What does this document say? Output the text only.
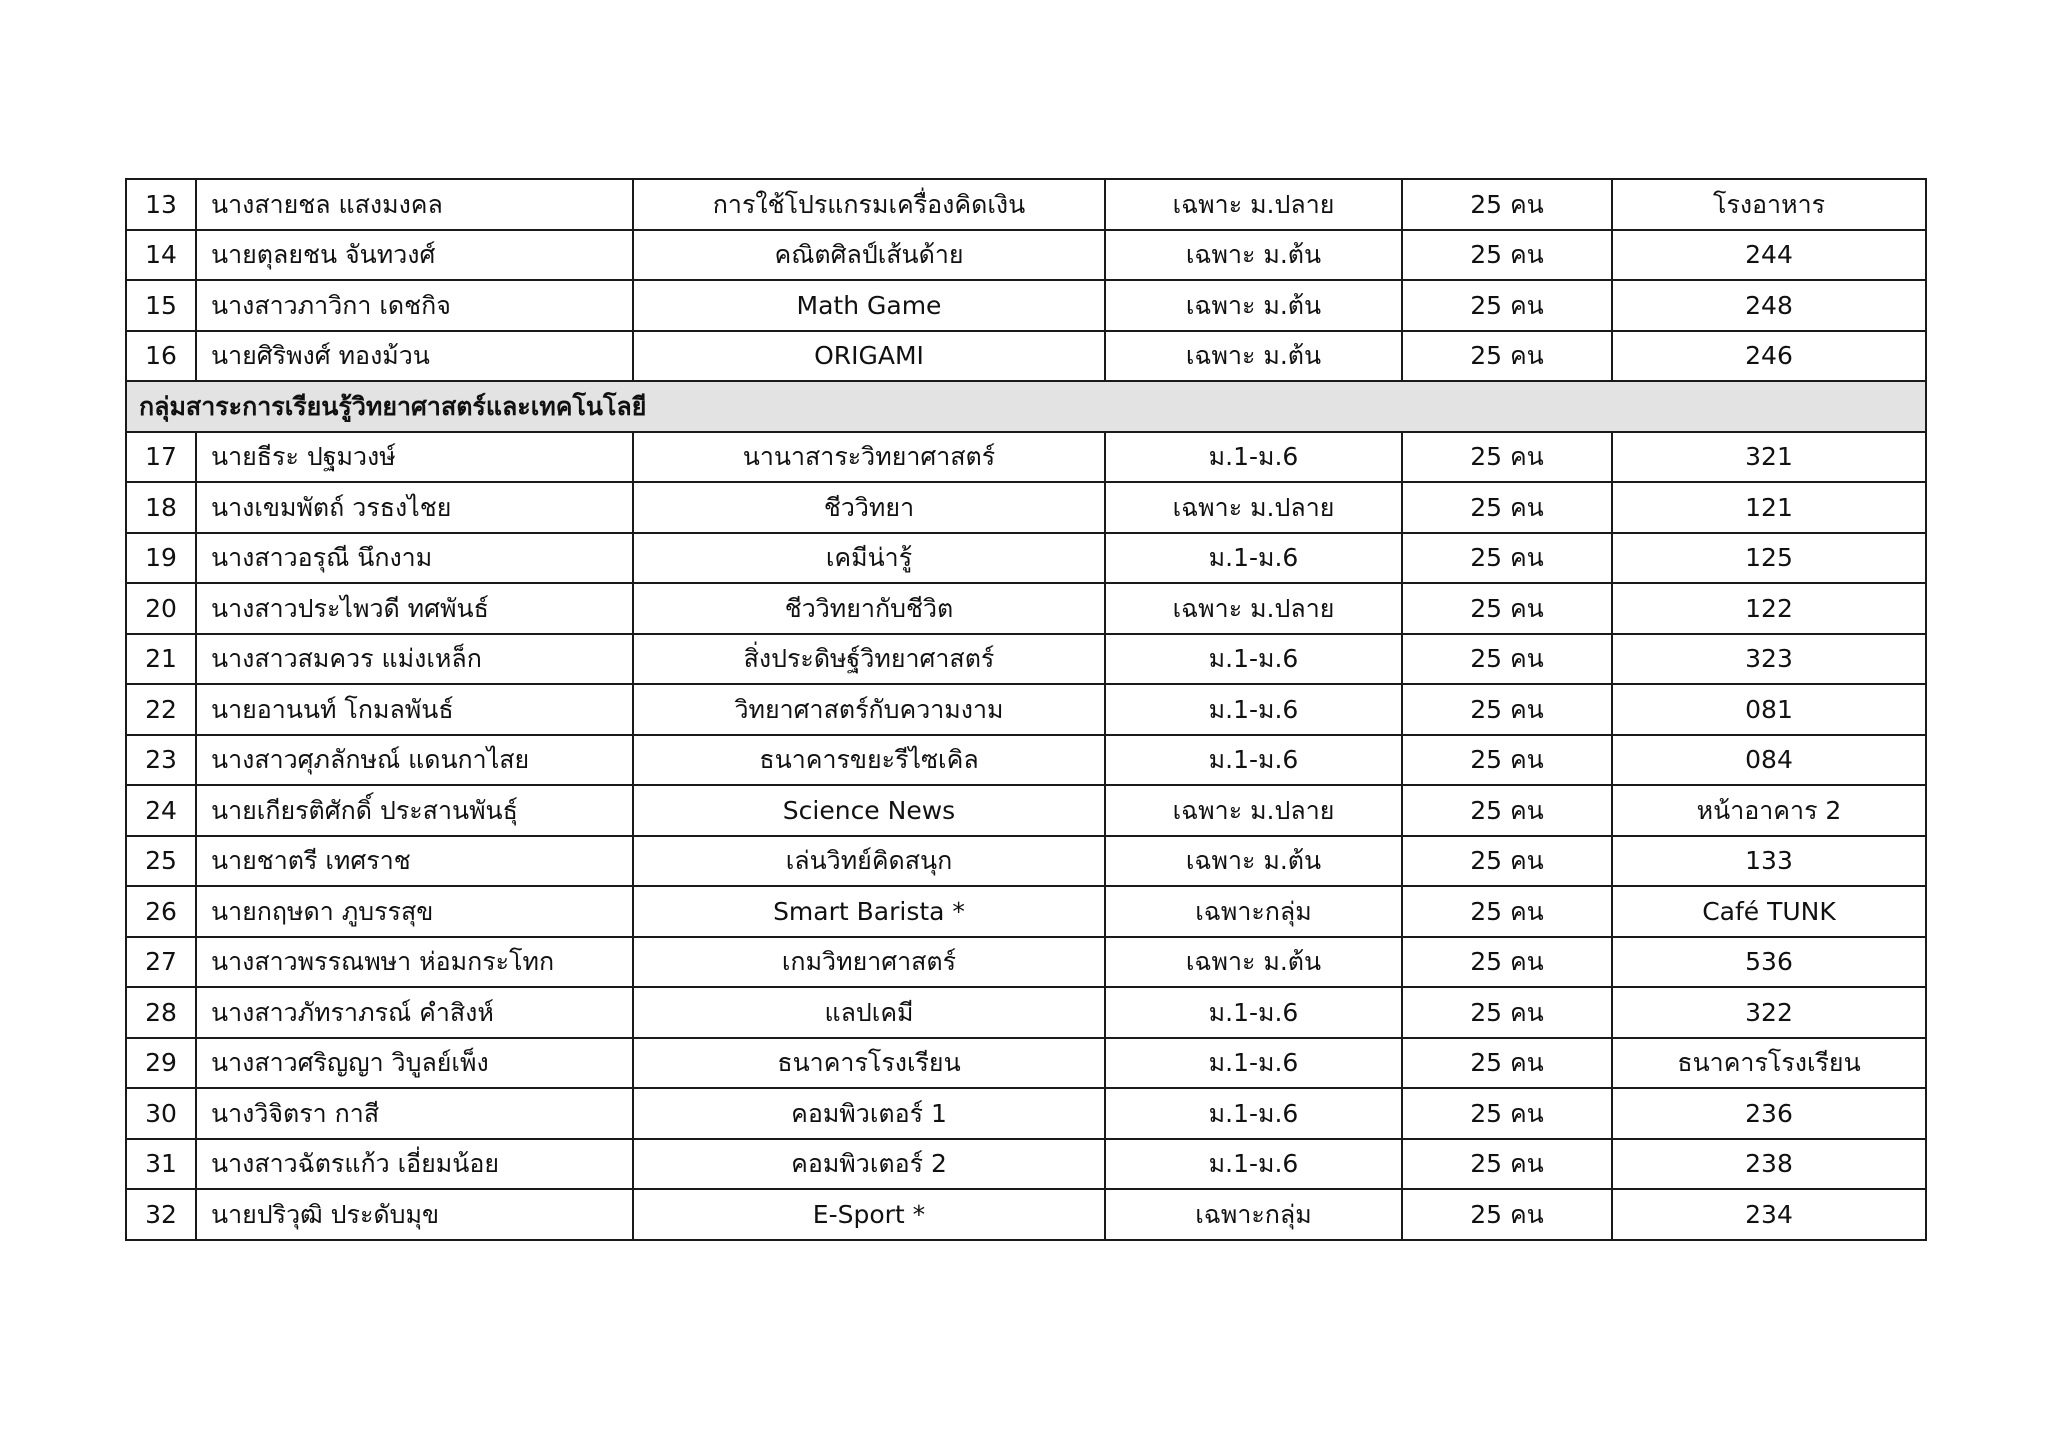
13	นางสายชล แสงมงคล	การใช้โปรแกรมเครื่องคิดเงิน	เฉพาะ ม.ปลาย	25 คน	โรงอาหาร
14	นายตุลยชน จันทวงศ์	คณิตศิลป์เส้นด้าย	เฉพาะ ม.ต้น	25 คน	244
15	นางสาวภาวิกา เดชกิจ	Math Game	เฉพาะ ม.ต้น	25 คน	248
16	นายศิริพงศ์ ทองม้วน	ORIGAMI	เฉพาะ ม.ต้น	25 คน	246
กลุ่มสาระการเรียนรู้วิทยาศาสตร์และเทคโนโลยี					
17	นายธีระ ปฐมวงษ์	นานาสาระวิทยาศาสตร์	ม.1-ม.6	25 คน	321
18	นางเขมพัตถ์ วรธงไชย	ชีววิทยา	เฉพาะ ม.ปลาย	25 คน	121
19	นางสาวอรุณี นึกงาม	เคมีน่ารู้	ม.1-ม.6	25 คน	125
20	นางสาวประไพวดี ทศพันธ์	ชีววิทยากับชีวิต	เฉพาะ ม.ปลาย	25 คน	122
21	นางสาวสมควร แม่งเหล็ก	สิ่งประดิษฐ์วิทยาศาสตร์	ม.1-ม.6	25 คน	323
22	นายอานนท์ โกมลพันธ์	วิทยาศาสตร์กับความงาม	ม.1-ม.6	25 คน	081
23	นางสาวศุภลักษณ์ แดนกาไสย	ธนาคารขยะรีไซเคิล	ม.1-ม.6	25 คน	084
24	นายเกียรติศักดิ์ ประสานพันธุ์	Science News	เฉพาะ ม.ปลาย	25 คน	หน้าอาคาร 2
25	นายชาตรี เทศราช	เล่นวิทย์คิดสนุก	เฉพาะ ม.ต้น	25 คน	133
26	นายกฤษดา ภูบรรสุข	Smart Barista *	เฉพาะกลุ่ม	25 คน	Café TUNK
27	นางสาวพรรณพษา ห่อมกระโทก	เกมวิทยาศาสตร์	เฉพาะ ม.ต้น	25 คน	536
28	นางสาวภัทราภรณ์ คำสิงห์	แลปเคมี	ม.1-ม.6	25 คน	322
29	นางสาวศริญญา วิบูลย์เพ็ง	ธนาคารโรงเรียน	ม.1-ม.6	25 คน	ธนาคารโรงเรียน
30	นางวิจิตรา กาสี	คอมพิวเตอร์ 1	ม.1-ม.6	25 คน	236
31	นางสาวฉัตรแก้ว เอี่ยมน้อย	คอมพิวเตอร์ 2	ม.1-ม.6	25 คน	238
32	นายปริวุฒิ ประดับมุข	E-Sport *	เฉพาะกลุ่ม	25 คน	234
